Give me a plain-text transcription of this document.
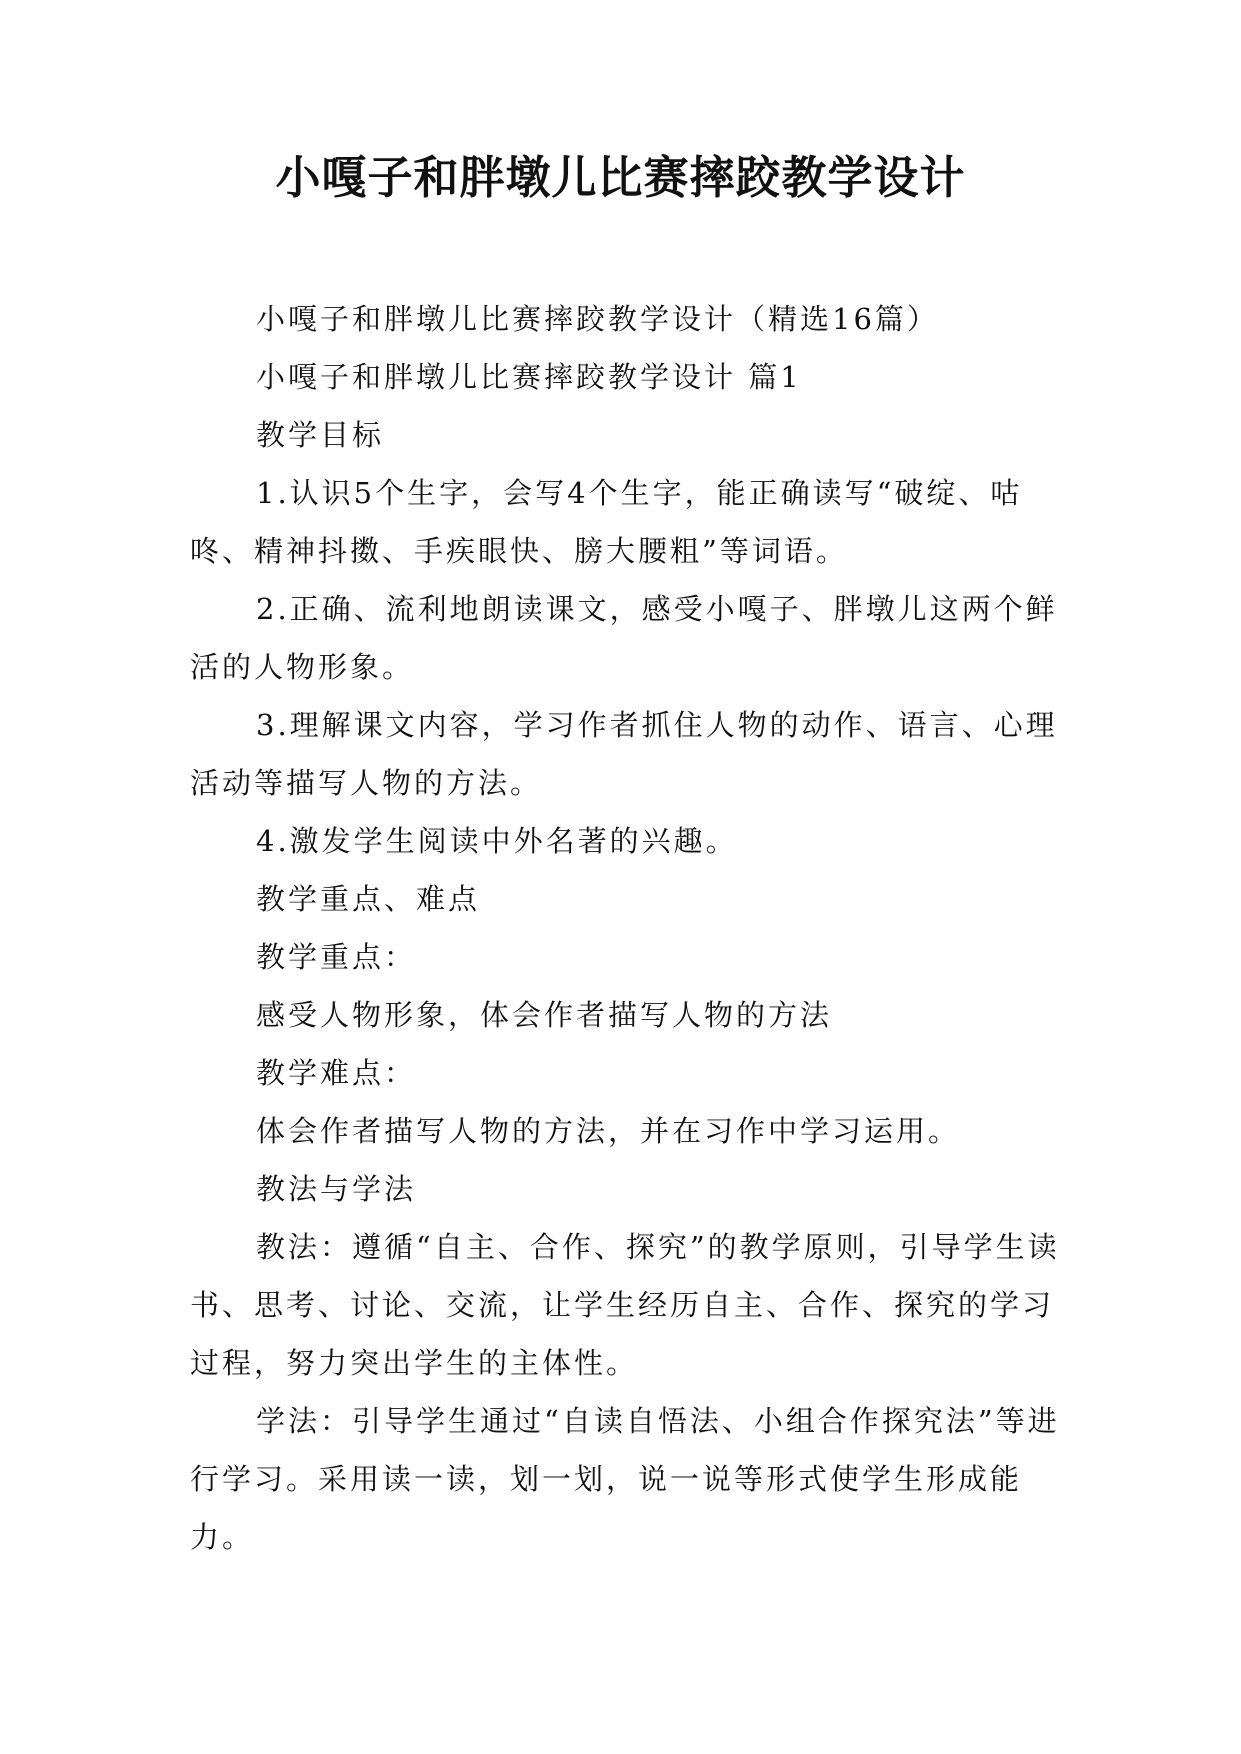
小嘎子和胖墩儿比赛摔跤教学设计

小嘎子和胖墩儿比赛摔跤教学设计（精选16篇）

小嘎子和胖墩儿比赛摔跤教学设计 篇1

教学目标

1.认识5个生字，会写4个生字，能正确读写“破绽、咕咚、精神抖擞、手疾眼快、膀大腰粗”等词语。

2.正确、流利地朗读课文，感受小嘎子、胖墩儿这两个鲜活的人物形象。

3.理解课文内容，学习作者抓住人物的动作、语言、心理活动等描写人物的方法。

4.激发学生阅读中外名著的兴趣。

教学重点、难点

教学重点：

感受人物形象，体会作者描写人物的方法

教学难点：

体会作者描写人物的方法，并在习作中学习运用。

教法与学法

教法：遵循“自主、合作、探究”的教学原则，引导学生读书、思考、讨论、交流，让学生经历自主、合作、探究的学习过程，努力突出学生的主体性。

学法：引导学生通过“自读自悟法、小组合作探究法”等进行学习。采用读一读，划一划，说一说等形式使学生形成能力。
